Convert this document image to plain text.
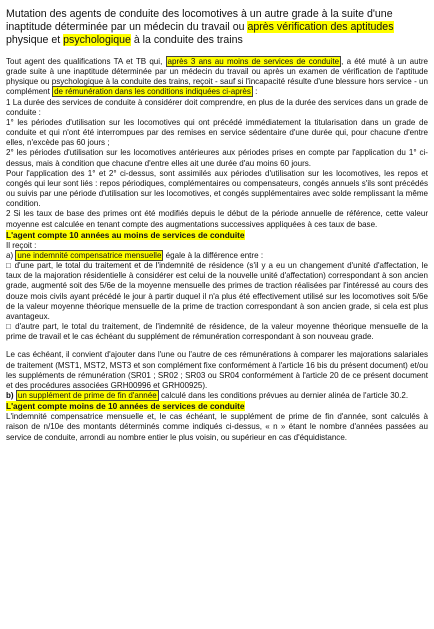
Mutation des agents de conduite des locomotives à un autre grade à la suite d'une inaptitude déterminée par un médecin du travail ou après vérification des aptitudes physique et psychologique à la conduite des trains

Tout agent des qualifications TA et TB qui, après 3 ans au moins de services de conduite , a été muté à un autre grade suite à une inaptitude déterminée par un médecin du travail ou après un examen de vérification de l'aptitude physique ou psychologique à la conduite des trains, reçoit - sauf si l'incapacité résulte d'une blessure hors service - un complément de rémunération dans les conditions indiquées ci-après :

1 La durée des services de conduite à considérer doit comprendre, en plus de la durée des services dans un grade de conduite :

1° les périodes d'utilisation sur les locomotives qui ont précédé immédiatement la titularisation dans un grade de conduite et qui n'ont été interrompues par des remises en service sédentaire d'une durée qui, pour chacune d'entre elles, n'excède pas 60 jours ;

2° les périodes d'utilisation sur les locomotives antérieures aux périodes prises en compte par l'application du 1° ci-dessus, mais à condition que chacune d'entre elles ait une durée d'au moins 60 jours.

Pour l'application des 1° et 2° ci-dessus, sont assimilés aux périodes d'utilisation sur les locomotives, les repos et congés qui leur sont liés : repos périodiques, complémentaires ou compensateurs, congés annuels s'ils sont précédés ou suivis par une période d'utilisation sur les locomotives, et congés supplémentaires avec solde remplissant la même condition.

2 Si les taux de base des primes ont été modifiés depuis le début de la période annuelle de référence, cette valeur moyenne est calculée en tenant compte des augmentations successives appliquées à ces taux de base.

L'agent compte 10 années au moins de services de conduite

Il reçoit :

a) une indemnité compensatrice mensuelle égale à la différence entre :

□ d'une part, le total du traitement et de l'indemnité de résidence (s'il y a eu un changement d'unité d'affectation, le taux de la majoration résidentielle à considérer est celui de la nouvelle unité d'affectation) correspondant à son ancien grade, augmenté soit des 5/6e de la moyenne mensuelle des primes de traction réalisées par l'intéressé au cours des douze mois civils ayant précédé le jour à partir duquel il n'a plus été effectivement utilisé sur les locomotives soit 5/6e de la valeur moyenne théorique mensuelle de la prime de traction correspondant à son ancien grade, si cela est plus avantageux.

□ d'autre part, le total du traitement, de l'indemnité de résidence, de la valeur moyenne théorique mensuelle de la prime de travail et le cas échéant du supplément de rémunération correspondant à son nouveau grade.

Le cas échéant, il convient d'ajouter dans l'une ou l'autre de ces rémunérations à comparer les majorations salariales de traitement (MST1, MST2, MST3 et son complément fixe conformément à l'article 16 bis du présent document) et/ou les suppléments de rémunération (SR01 ; SR02 ; SR03 ou SR04 conformément à l'article 20 de ce présent document et des procédures associées GRH00996 et GRH00925).

b) un supplément de prime de fin d'année calculé dans les conditions prévues au dernier alinéa de l'article 30.2.

L'agent compte moins de 10 années de services de conduite

L'indemnité compensatrice mensuelle et, le cas échéant, le supplément de prime de fin d'année, sont calculés à raison de n/10e des montants déterminés comme indiqués ci-dessus, « n » étant le nombre d'années passées au service de conduite, arrondi au nombre entier le plus voisin, ou supérieur en cas d'équidistance.
